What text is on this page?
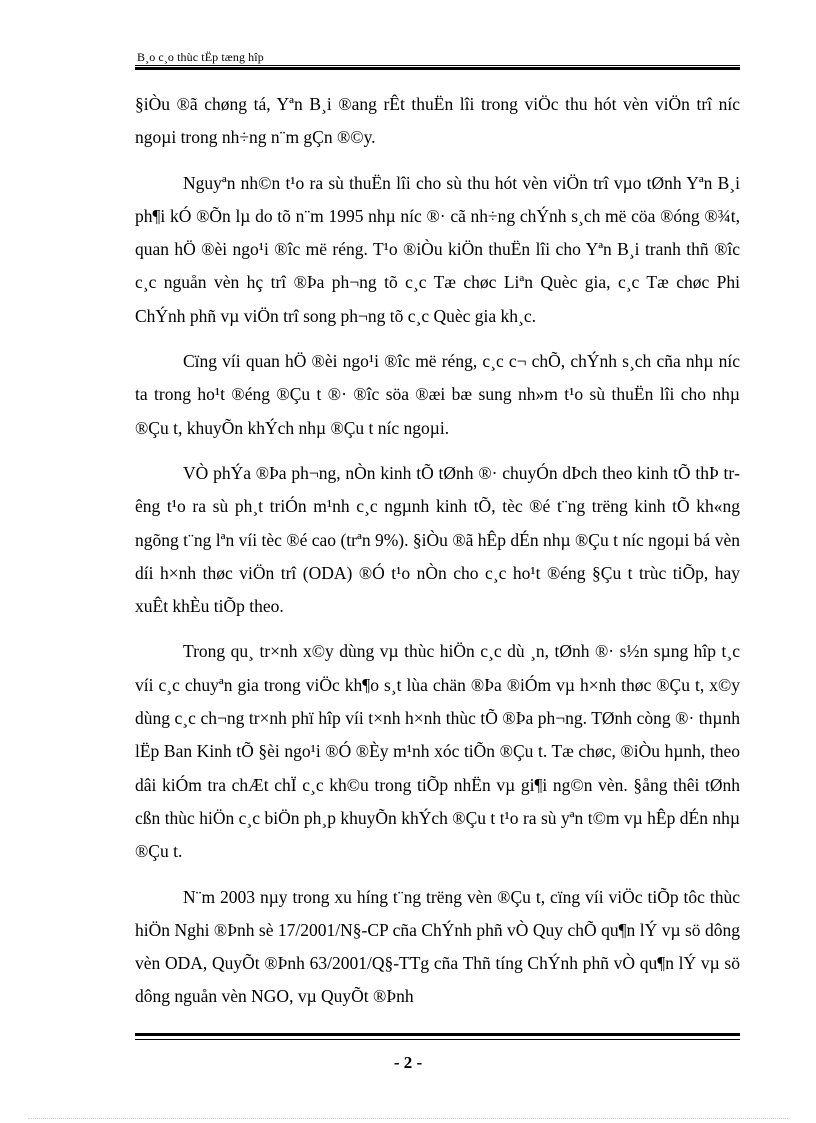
B¸o c¸o thùc tËp tæng hîp

§iÒu ®ã chøng tá, Yªn B¸i ®ang rÊt thuËn lîi trong viÖc thu hót vèn viÖn trî níc ngoµi trong nh÷ng n¨m gÇn ®©y.

Nguyªn nh©n t¹o ra sù thuËn lîi cho sù thu hót vèn viÖn trî vµo tØnh Yªn B¸i ph¶i kÓ ®Õn lµ do tõ n¨m 1995 nhµ níc ®· cã nh÷ng chÝnh s¸ch më cöa ®óng ®¾t, quan hÖ ®èi ngo¹i ®îc më réng. T¹o ®iÒu kiÖn thuËn lîi cho Yªn B¸i tranh thñ ®îc c¸c nguån vèn hç trî ®Þa ph¬ng tõ c¸c Tæ chøc Liªn Quèc gia, c¸c Tæ chøc Phi ChÝnh phñ vµ viÖn trî song ph¬ng tõ c¸c Quèc gia kh¸c.

Cïng víi quan hÖ ®èi ngo¹i ®îc më réng, c¸c c¬ chÕ, chÝnh s¸ch cña nhµ níc ta trong ho¹t ®éng ®Çu t ®· ®îc söa ®æi bæ sung nh»m t¹o sù thuËn lîi cho nhµ ®Çu t, khuyÕn khÝch nhµ ®Çu t níc ngoµi.

VÒ phÝa ®Þa ph¬ng, nÒn kinh tÕ tØnh ®· chuyÓn dÞch theo kinh tÕ thÞ trêng t¹o ra sù ph¸t triÓn m¹nh c¸c ngµnh kinh tÕ, tèc ®é t¨ng trëng kinh tÕ kh«ng ngõng t¨ng lªn víi tèc ®é cao (trªn 9%). §iÒu ®ã hÊp dÉn nhµ ®Çu t níc ngoµi bá vèn díi h×nh thøc viÖn trî (ODA) ®Ó t¹o nÒn cho c¸c ho¹t ®éng §Çu t trùc tiÕp, hay xuÊt khÈu tiÕp theo.

Trong qu¸ tr×nh x©y dùng vµ thùc hiÖn c¸c dù ¸n, tØnh ®· s½n sµng hîp t¸c víi c¸c chuyªn gia trong viÖc kh¶o s¸t lùa chän ®Þa ®iÓm vµ h×nh thøc ®Çu t, x©y dùng c¸c ch¬ng tr×nh phï hîp víi t×nh h×nh thùc tÕ ®Þa ph¬ng. TØnh còng ®· thµnh lËp Ban Kinh tÕ §èi ngo¹i ®Ó ®Èy m¹nh xóc tiÕn ®Çu t. Tæ chøc, ®iÒu hµnh, theo dâi kiÓm tra chÆt chÏ c¸c kh©u trong tiÕp nhËn vµ gi¶i ng©n vèn. §ång thêi tØnh cßn thùc hiÖn c¸c biÖn ph¸p khuyÕn khÝch ®Çu t t¹o ra sù yªn t©m vµ hÊp dÉn nhµ ®Çu t.

N¨m 2003 nµy trong xu híng t¨ng trëng vèn ®Çu t, cïng víi viÖc tiÕp tôc thùc hiÖn Nghi ®Þnh sè 17/2001/N§-CP cña ChÝnh phñ vÒ Quy chÕ qu¶n lÝ vµ sö dông vèn ODA, QuyÕt ®Þnh 63/2001/Q§-TTg cña Thñ tíng ChÝnh phñ vÒ qu¶n lÝ vµ sö dông nguån vèn NGO, vµ QuyÕt ®Þnh

- 2 -
